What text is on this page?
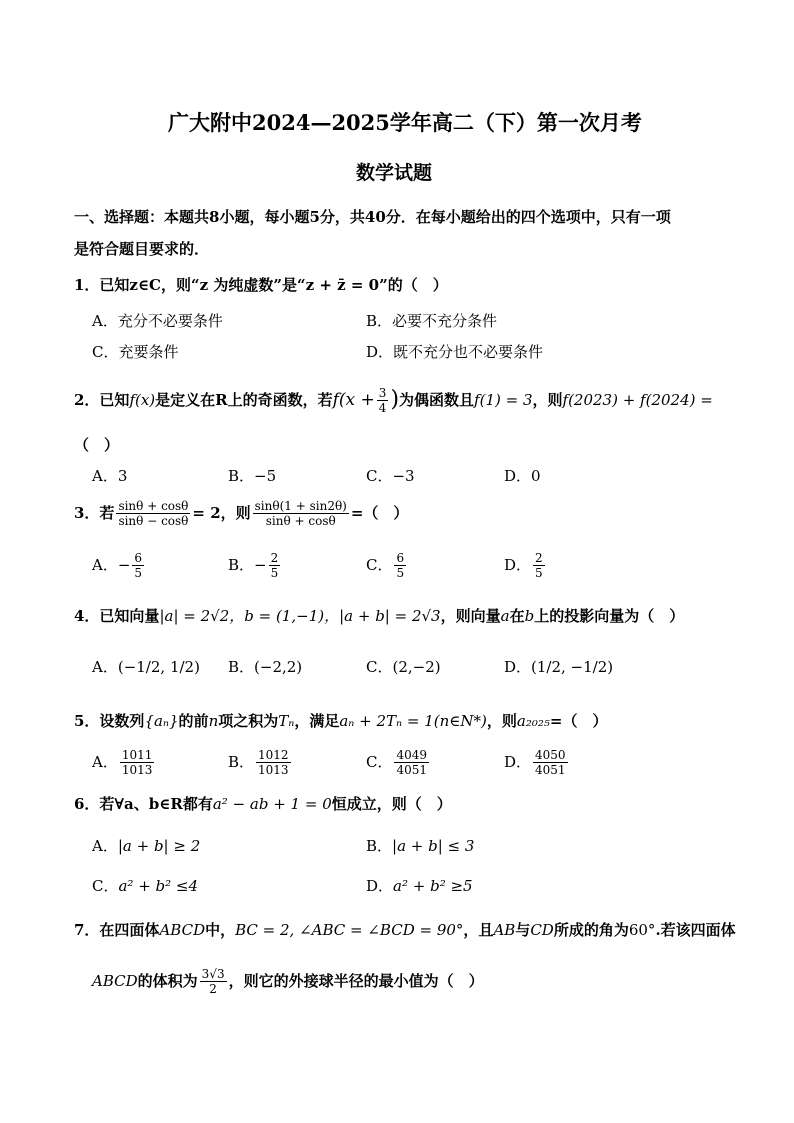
广大附中2024—2025学年高二（下）第一次月考
数学试题
一、选择题：本题共8小题，每小题5分，共40分．在每小题给出的四个选项中，只有一项
是符合题目要求的．
1．已知z∈C，则“z 为纯虚数”是“z + z̄ = 0”的（　）
A．充分不必要条件	B．必要不充分条件
C．充要条件	D．既不充分也不必要条件
2．已知 f(x) 是定义在R上的奇函数，若 $f(x + \frac{3}{4}$ ) 为偶函数且 f(1) = 3 ，则 f(2023) + f(2024) =
（　）
A．3	B．−5	C．−3	D．0
3．若 $\frac{\sin\theta + \cos\theta}{\sin\theta - \cos\theta} = 2$，则 $\frac{\sin\theta(1 + \sin 2\theta)}{\sin\theta + \cos\theta}$ =（　）
A． − $\frac{6}{5}$	B． − $\frac{2}{5}$	C． $\frac{6}{5}$	D． $\frac{2}{5}$
4．已知向量|a| = 2√2，b = (1,−1)，|a + b| = 2√3，则向量a在b上的投影向量为（　）
A．(−1/2, 1/2) B．(−2,2)	C．(2,−2)	D．(1/2, −1/2)
5．设数列{aₙ}的前n项之积为Tₙ，满足aₙ + 2Tₙ = 1(n∈N*)，则a₂₀₂₅=（　）
A． $\frac{1011}{1013}$	B． $\frac{1012}{1013}$	C． $\frac{4049}{4051}$	D． $\frac{4050}{4051}$
6．若∀a、b∈R都有a² − ab + 1 = 0恒成立，则（　）
A．|a + b| ≥ 2	B．|a + b| ≤ 3
C．a² + b² ≤4	D．a² + b² ≥5
7．在四面体ABCD中，BC = 2, ∠ABC = ∠BCD = 90°，且AB与CD所成的角为60°.若该四面体
ABCD 的体积为 $\frac{3√3}{2}$ ，则它的外接球半径的最小值为（　）
